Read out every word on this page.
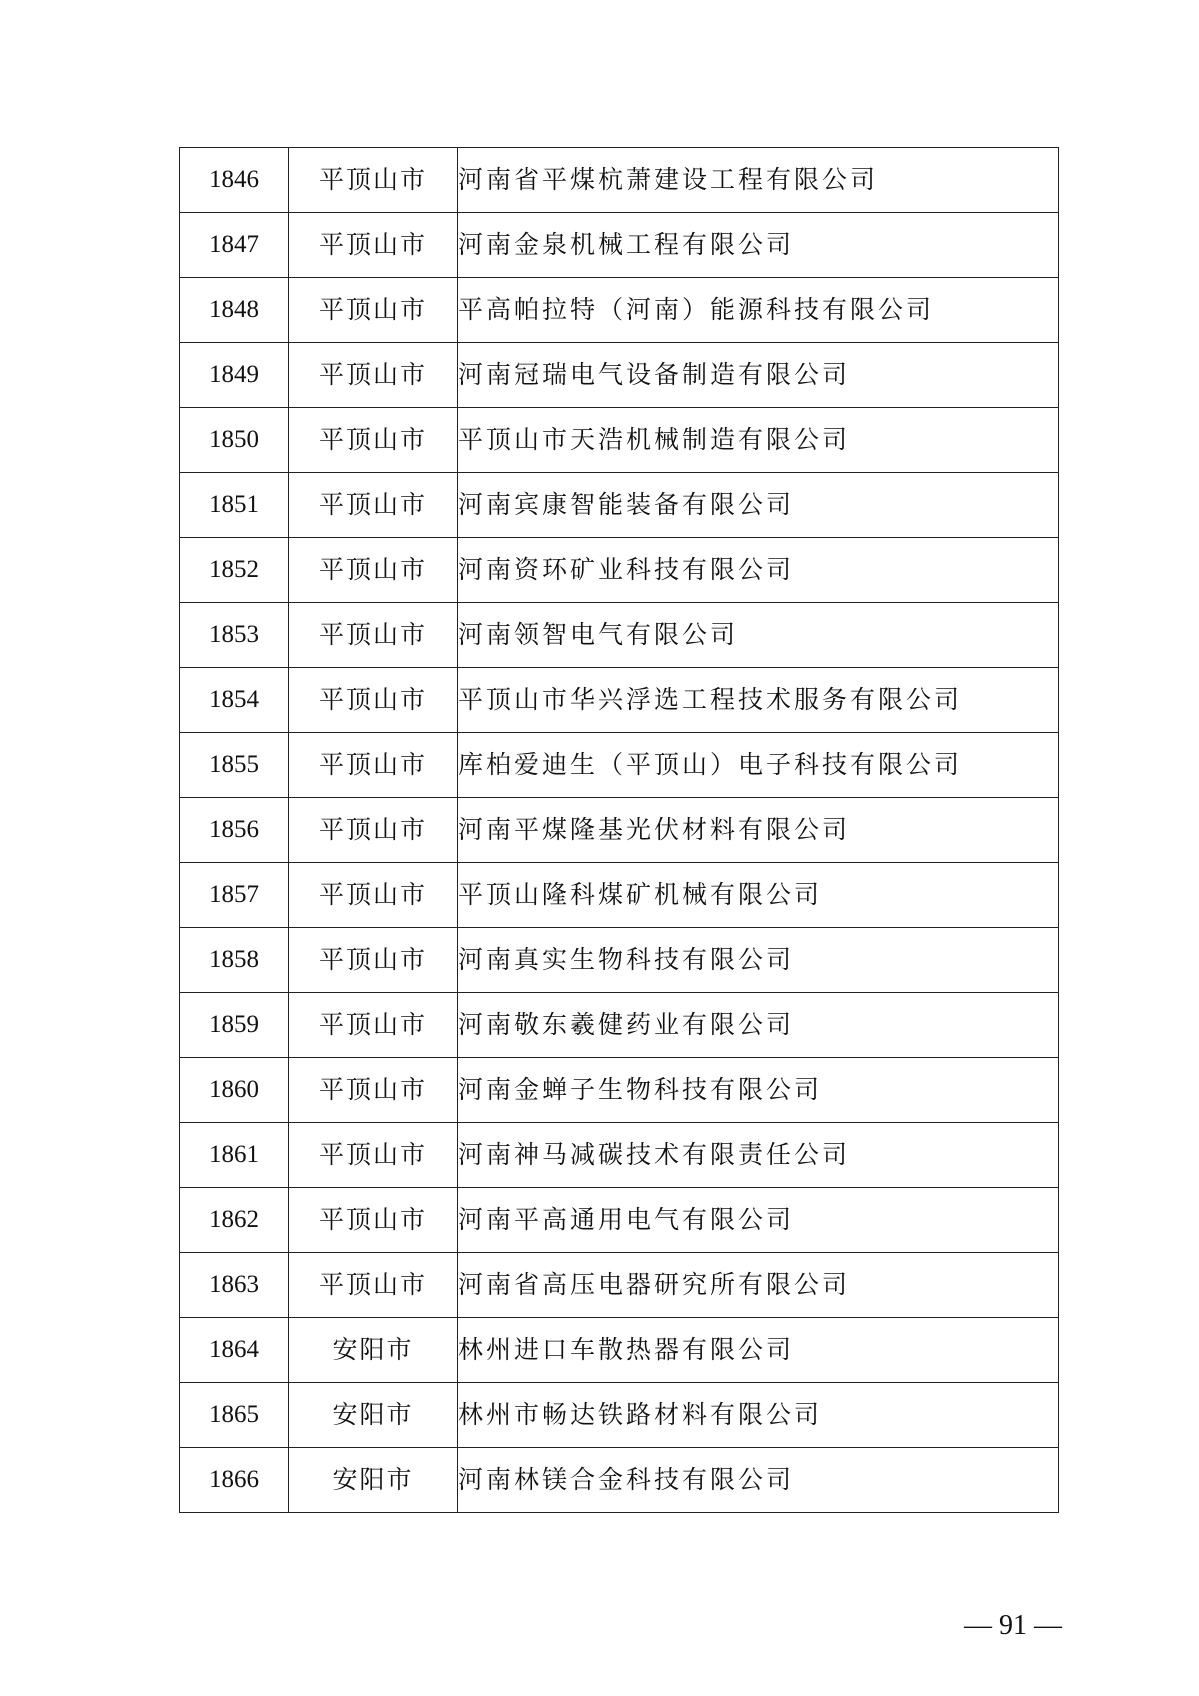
1846	平顶山市	河南省平煤杭萧建设工程有限公司
1847	平顶山市	河南金泉机械工程有限公司
1848	平顶山市	平高帕拉特（河南）能源科技有限公司
1849	平顶山市	河南冠瑞电气设备制造有限公司
1850	平顶山市	平顶山市天浩机械制造有限公司
1851	平顶山市	河南宾康智能装备有限公司
1852	平顶山市	河南资环矿业科技有限公司
1853	平顶山市	河南领智电气有限公司
1854	平顶山市	平顶山市华兴浮选工程技术服务有限公司
1855	平顶山市	库柏爱迪生（平顶山）电子科技有限公司
1856	平顶山市	河南平煤隆基光伏材料有限公司
1857	平顶山市	平顶山隆科煤矿机械有限公司
1858	平顶山市	河南真实生物科技有限公司
1859	平顶山市	河南敬东羲健药业有限公司
1860	平顶山市	河南金蝉子生物科技有限公司
1861	平顶山市	河南神马减碳技术有限责任公司
1862	平顶山市	河南平高通用电气有限公司
1863	平顶山市	河南省高压电器研究所有限公司
1864	安阳市	林州进口车散热器有限公司
1865	安阳市	林州市畅达铁路材料有限公司
1866	安阳市	河南林镁合金科技有限公司
— 91 —
